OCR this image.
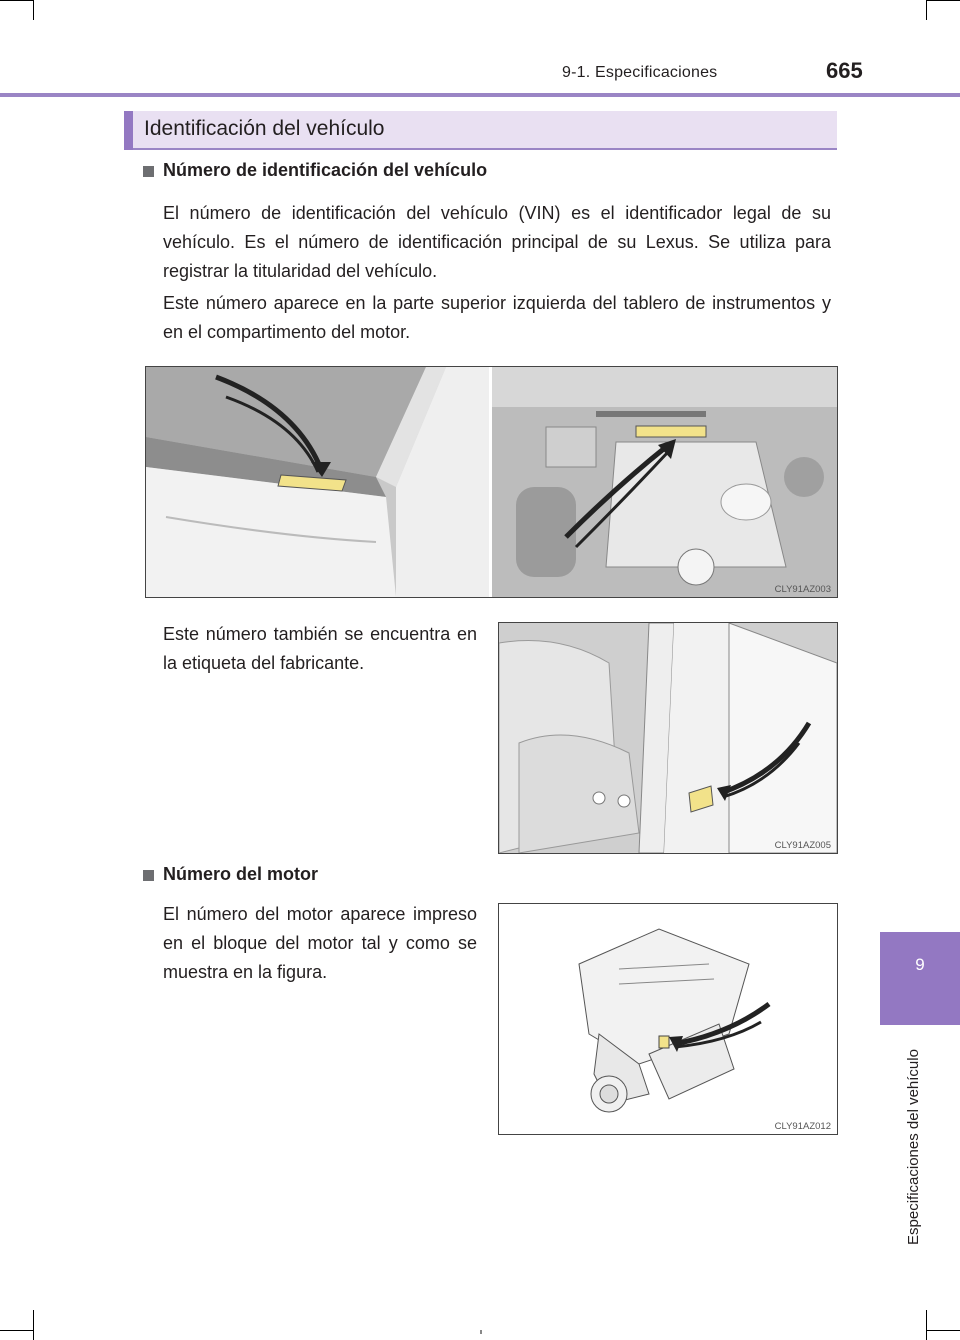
9-1. Especificaciones	665
9
Especificaciones del vehículo
Identificación del vehículo
Número de identificación del vehículo

El número de identificación del vehículo (VIN) es el identificador legal de su vehículo. Es el número de identificación principal de su Lexus. Se utiliza para registrar la titularidad del vehículo.

Este número aparece en la parte superior izquierda del tablero de instrumentos y en el compartimento del motor.

CLY91AZ003

Este número también se encuentra en la etiqueta del fabricante.

CLY91AZ005
Número del motor

El número del motor aparece impreso en el bloque del motor tal y como se muestra en la figura.

CLY91AZ012
